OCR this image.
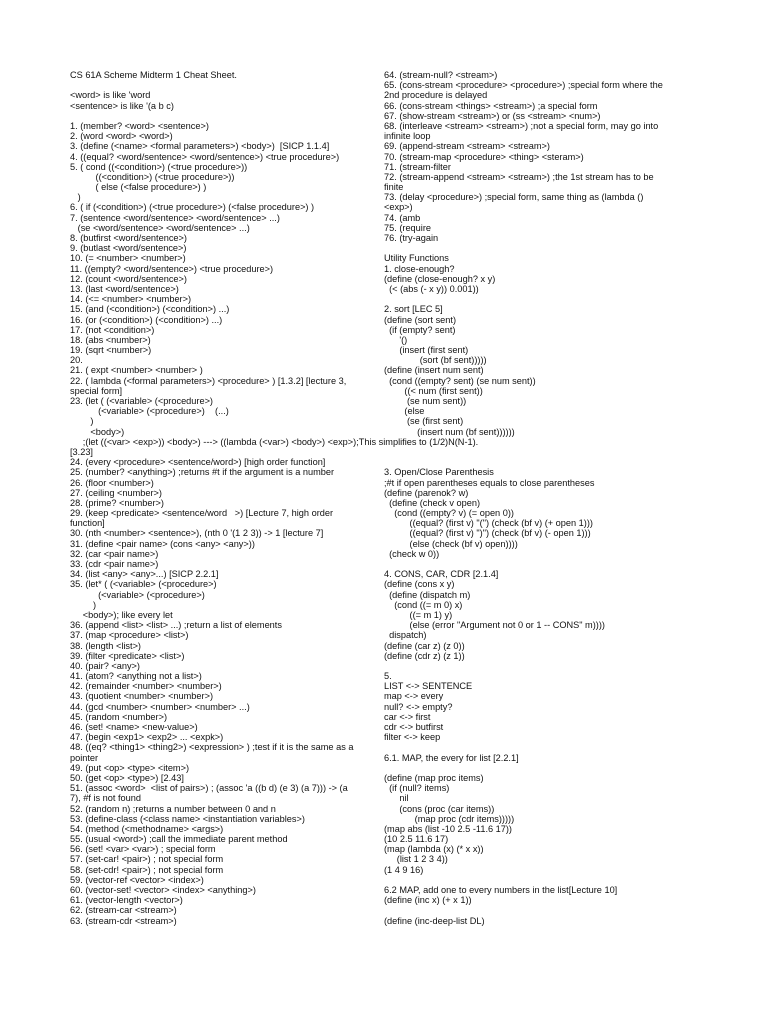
CS 61A Scheme Midterm 1 Cheat Sheet.
<word> is like 'word
<sentence> is like '(a b c)
1. (member? <word> <sentence>)
2. (word <word> <word>)
3. (define (<name> <formal parameters>) <body>)  [SICP 1.1.4]
4. ((equal? <word/sentence> <word/sentence>) <true procedure>)
5. ( cond ((<condition>) (<true procedure>))
((<condition>) (<true procedure>))
( else (<false procedure>) )
)
6. ( if (<condition>) (<true procedure>) (<false procedure>) )
7. (sentence <word/sentence> <word/sentence> ...)
(se <word/sentence> <word/sentence> ...)
8. (butfirst <word/sentence>)
9. (butlast <word/sentence>)
10. (= <number> <number>)
11. ((empty? <word/sentence>) <true procedure>)
12. (count <word/sentence>)
13. (last <word/sentence>)
14. (<= <number> <number>)
15. (and (<condition>) (<condition>) ...)
16. (or (<condition>) (<condition>) ...)
17. (not <condition>)
18. (abs <number>)
19. (sqrt <number>)
20.
21. ( expt <number> <number> )
22. ( lambda (<formal parameters>) <procedure> ) [1.3.2] [lecture 3,
special form]
23. (let ( (<variable> (<procedure>)
(<variable> (<procedure>)    (...)
)
<body>)
;(let ((<var> <exp>)) <body>) ---> ((lambda (<var>) <body>) <exp>);This simplifies to (1/2)N(N-1).
[3.23]
24. (every <procedure> <sentence/word>) [high order function]
25. (number? <anything>) ;returns #t if the argument is a number
26. (floor <number>)
27. (ceiling <number>)
28. (prime? <number>)
29. (keep <predicate> <sentence/word   >) [Lecture 7, high order
function]
30. (nth <number> <sentence>), (nth 0 '(1 2 3)) -> 1 [lecture 7]
31. (define <pair name> (cons <any> <any>))
32. (car <pair name>)
33. (cdr <pair name>)
34. (list <any> <any>...) [SICP 2.2.1]
35. (let* ( (<variable> (<procedure>)
(<variable> (<procedure>)
)
<body>); like every let
36. (append <list> <list> ...) ;return a list of elements
37. (map <procedure> <list>)
38. (length <list>)
39. (filter <predicate> <list>)
40. (pair? <any>)
41. (atom? <anything not a list>)
42. (remainder <number> <number>)
43. (quotient <number> <number>)
44. (gcd <number> <number> <number> ...)
45. (random <number>)
46. (set! <name> <new-value>)
47. (begin <exp1> <exp2> ... <expk>)
48. ((eq? <thing1> <thing2>) <expression> ) ;test if it is the same as a
pointer
49. (put <op> <type> <item>)
50. (get <op> <type>) [2.43]
51. (assoc <word>  <list of pairs>) ; (assoc 'a ((b d) (e 3) (a 7))) -> (a
7), #f is not found
52. (random n) ;returns a number between 0 and n
53. (define-class (<class name> <instantiation variables>)
54. (method (<methodname> <args>)
55. (usual <word>) ;call the immediate parent method
56. (set! <var> <var>) ; special form
57. (set-car! <pair>) ; not special form
58. (set-cdr! <pair>) ; not special form
59. (vector-ref <vector> <index>)
60. (vector-set! <vector> <index> <anything>)
61. (vector-length <vector>)
62. (stream-car <stream>)
63. (stream-cdr <stream>)
64. (stream-null? <stream>)
65. (cons-stream <procedure> <procedure>) ;special form where the
2nd procedure is delayed
66. (cons-stream <things> <stream>) ;a special form
67. (show-stream <stream>) or (ss <stream> <num>)
68. (interleave <stream> <stream>) ;not a special form, may go into
infinite loop
69. (append-stream <stream> <stream>)
70. (stream-map <procedure> <thing> <steram>)
71. (stream-filter
72. (stream-append <stream> <stream>) ;the 1st stream has to be
finite
73. (delay <procedure>) ;special form, same thing as (lambda ()
<exp>)
74. (amb
75. (require
76. (try-again
Utility Functions
1. close-enough?
(define (close-enough? x y)
(< (abs (- x y)) 0.001))
2. sort [LEC 5]
(define (sort sent)
(if (empty? sent)
'()
(insert (first sent)
(sort (bf sent)))))
(define (insert num sent)
(cond ((empty? sent) (se num sent))
((< num (first sent))
(se num sent))
(else
(se (first sent)
(insert num (bf sent))))))
3. Open/Close Parenthesis
;#t if open parentheses equals to close parentheses
(define (parenok? w)
(define (check v open)
(cond ((empty? v) (= open 0))
((equal? (first v) "(") (check (bf v) (+ open 1)))
((equal? (first v) ")") (check (bf v) (- open 1)))
(else (check (bf v) open))))
(check w 0))
4. CONS, CAR, CDR [2.1.4]
(define (cons x y)
(define (dispatch m)
(cond ((= m 0) x)
((= m 1) y)
(else (error "Argument not 0 or 1 -- CONS" m))))
dispatch)
(define (car z) (z 0))
(define (cdr z) (z 1))
5.
LIST <-> SENTENCE
map <-> every
null? <-> empty?
car <-> first
cdr <-> butfirst
filter <-> keep
6.1. MAP, the every for list [2.2.1]
(define (map proc items)
(if (null? items)
nil
(cons (proc (car items))
(map proc (cdr items)))))
(map abs (list -10 2.5 -11.6 17))
(10 2.5 11.6 17)
(map (lambda (x) (* x x))
(list 1 2 3 4))
(1 4 9 16)
6.2 MAP, add one to every numbers in the list[Lecture 10]
(define (inc x) (+ x 1))
(define (inc-deep-list DL)
